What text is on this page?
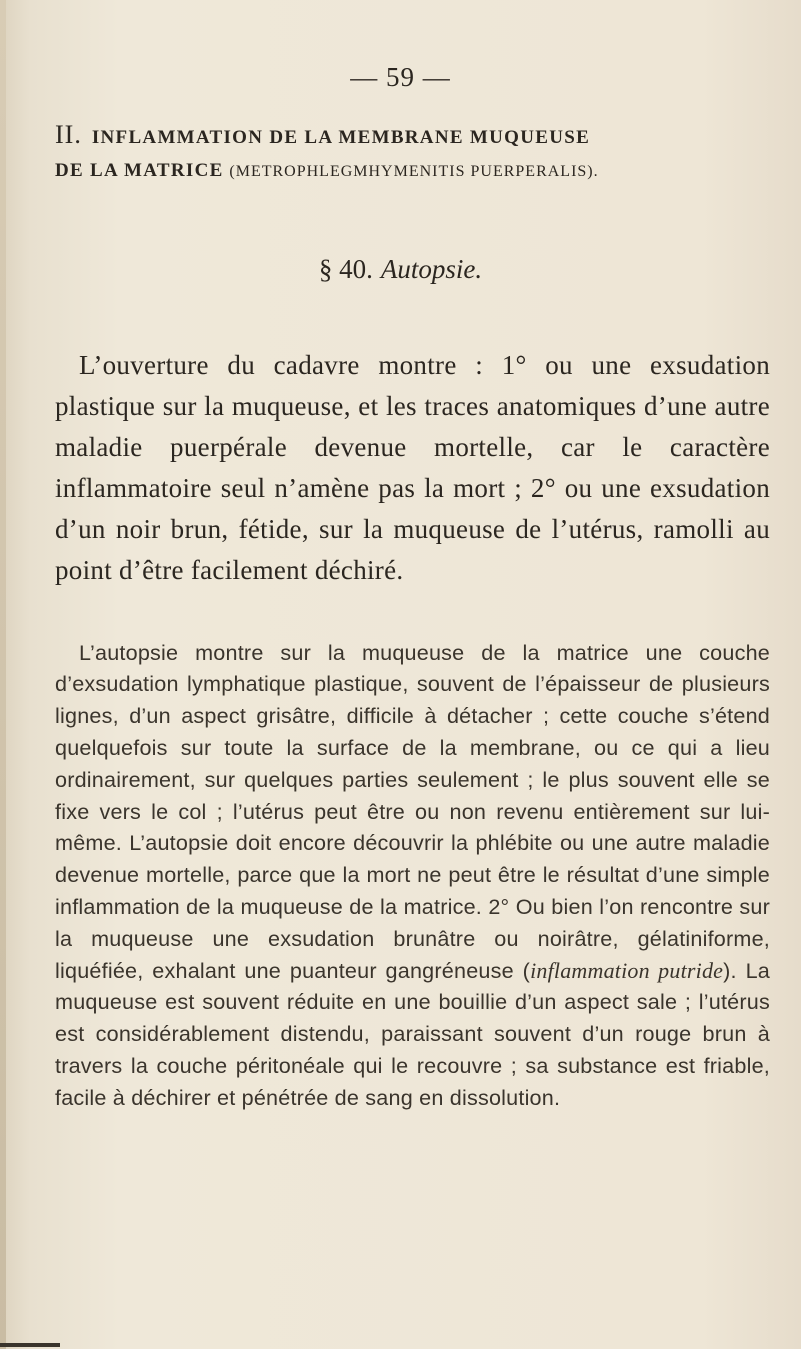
— 59 —
II. INFLAMMATION DE LA MEMBRANE MUQUEUSE
DE LA MATRICE (METROPHLEGMHYMENITIS PUERPERALIS).
§ 40. Autopsie.

L’ouverture du cadavre montre : 1° ou une exsudation plastique sur la muqueuse, et les traces anatomiques d’une autre maladie puerpérale devenue mortelle, car le caractère inflammatoire seul n’amène pas la mort ; 2° ou une exsudation d’un noir brun, fétide, sur la muqueuse de l’utérus, ramolli au point d’être facilement déchiré.

L’autopsie montre sur la muqueuse de la matrice une couche d’exsudation lymphatique plastique, souvent de l’épaisseur de plusieurs lignes, d’un aspect grisâtre, difficile à détacher ; cette couche s’étend quelquefois sur toute la surface de la membrane, ou ce qui a lieu ordinairement, sur quelques parties seulement ; le plus souvent elle se fixe vers le col ; l’utérus peut être ou non revenu entièrement sur lui-même. L’autopsie doit encore découvrir la phlébite ou une autre maladie devenue mortelle, parce que la mort ne peut être le résultat d’une simple inflammation de la muqueuse de la matrice. 2° Ou bien l’on rencontre sur la muqueuse une exsudation brunâtre ou noirâtre, gélatiniforme, liquéfiée, exhalant une puanteur gangréneuse (inflammation putride). La muqueuse est souvent réduite en une bouillie d’un aspect sale ; l’utérus est considérablement distendu, paraissant souvent d’un rouge brun à travers la couche péritonéale qui le recouvre ; sa substance est friable, facile à déchirer et pénétrée de sang en dissolution.
